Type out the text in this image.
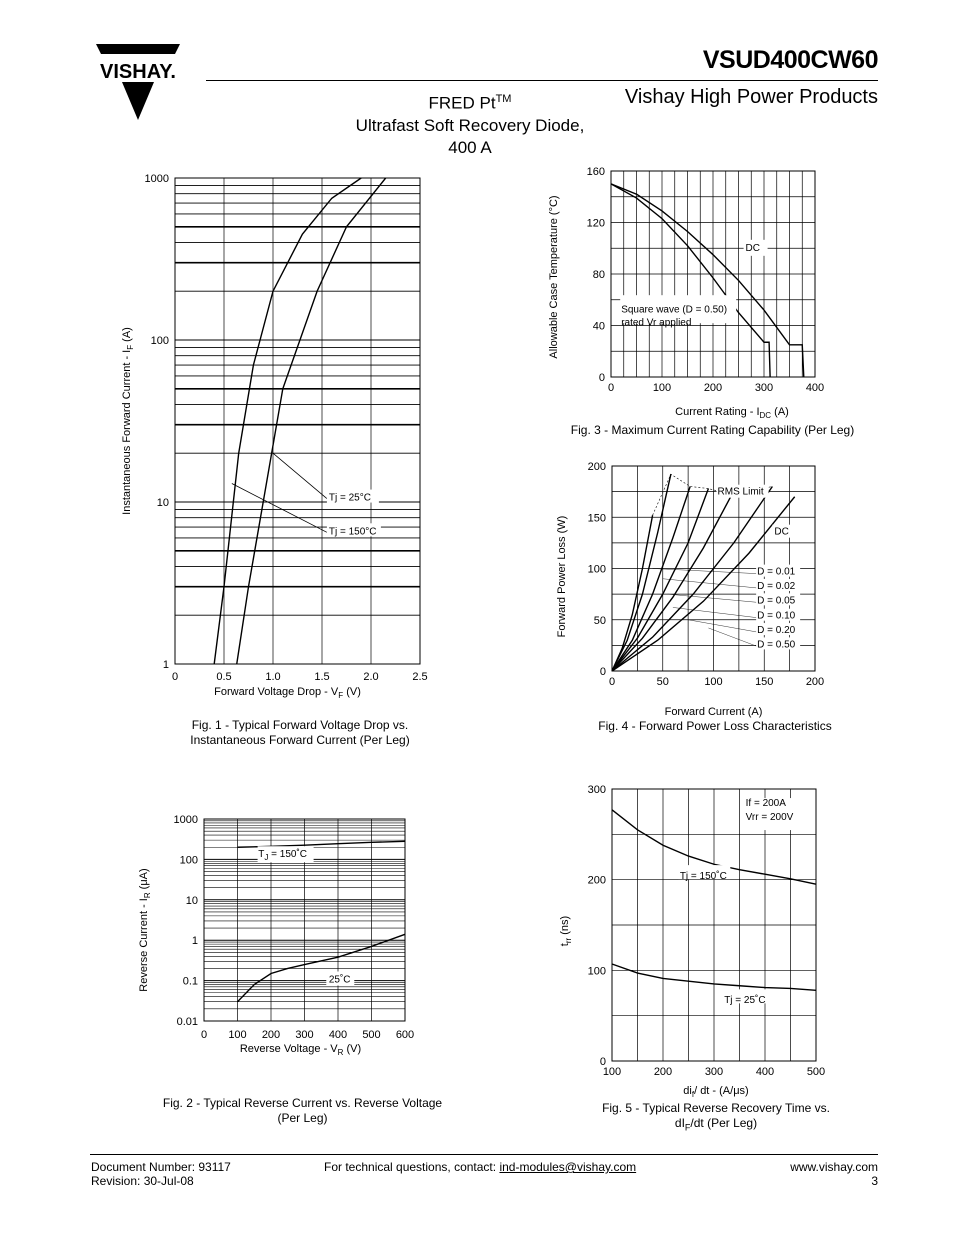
VISHAY.	VSUD400CW60
FRED Pt™
Ultrafast Soft Recovery Diode,
400 A
Vishay High Power Products
0	0.5	1.0	1.5	2.0	2.5
1
10
100
1000
Forward Voltage Drop - $V_F$ (V)
Instantaneous Forward Current - $I_F$ (A)
Tj = 25°C
Tj = 150°C
Fig. 1 - Typical Forward Voltage Drop vs.
Instantaneous Forward Current (Per Leg)
0 100 200 300 400 500 600
0.01
0.1
1
10
100
1000
Reverse Voltage - $V_R$ (V)
Reverse Current - $I_R$ (μA)
$T_J$ = 150˚C
25˚C
Fig. 2 - Typical Reverse Current vs. Reverse Voltage
(Per Leg)
0	100	200	300	400
0
40
80
120
160
Current Rating - $I_{DC}$ (A)
Allowable Case Temperature (°C)	DC
Square wave (D = 0.50)
rated Vr applied
Fig. 3 - Maximum Current Rating Capability (Per Leg)
0	50	100	150	200
0
50
100
150
200
Forward Current (A)
Forward Power Loss (W)
RMS Limit
DC
D = 0.01
D = 0.02
D = 0.05
D = 0.10
D = 0.20
D = 0.50
Fig. 4 - Forward Power Loss Characteristics
100	200	300	400	500
0
100
200
300
$di_f/$ dt - (A/μs)
$t_{rr}$ (ns)
If = 200A
Vrr = 200V
Tj = 150˚C
Tj = 25˚C
Fig. 5 - Typical Reverse Recovery Time vs.
$dI_F/dt$ (Per Leg)
Document Number: 93117
Revision: 30-Jul-08
For technical questions, contact: ind-modules@vishay.com	www.vishay.com
3
